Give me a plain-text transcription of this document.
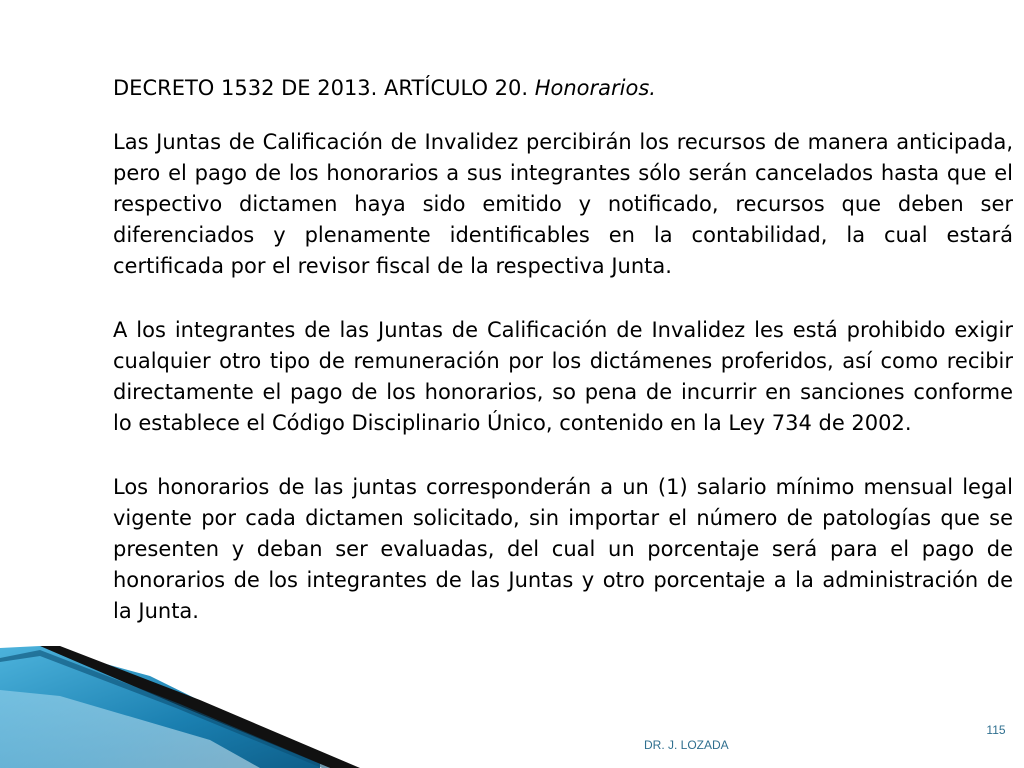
DECRETO 1532 DE 2013. ARTÍCULO 20. Honorarios.

Las Juntas de Calificación de Invalidez percibirán los recursos de manera anticipada, pero el pago de los honorarios a sus integrantes sólo serán cancelados hasta que el respectivo dictamen haya sido emitido y notificado, recursos que deben ser diferenciados y plenamente identificables en la contabilidad, la cual estará certificada por el revisor fiscal de la respectiva Junta.

A los integrantes de las Juntas de Calificación de Invalidez les está prohibido exigir cualquier otro tipo de remuneración por los dictámenes proferidos, así como recibir directamente el pago de los honorarios, so pena de incurrir en sanciones conforme lo establece el Código Disciplinario Único, contenido en la Ley 734 de 2002.

Los honorarios de las juntas corresponderán a un (1) salario mínimo mensual legal vigente por cada dictamen solicitado, sin importar el número de patologías que se presenten y deban ser evaluadas, del cual un porcentaje será para el pago de honorarios de los integrantes de las Juntas y otro porcentaje a la administración de la Junta.

DR. J. LOZADA
115
